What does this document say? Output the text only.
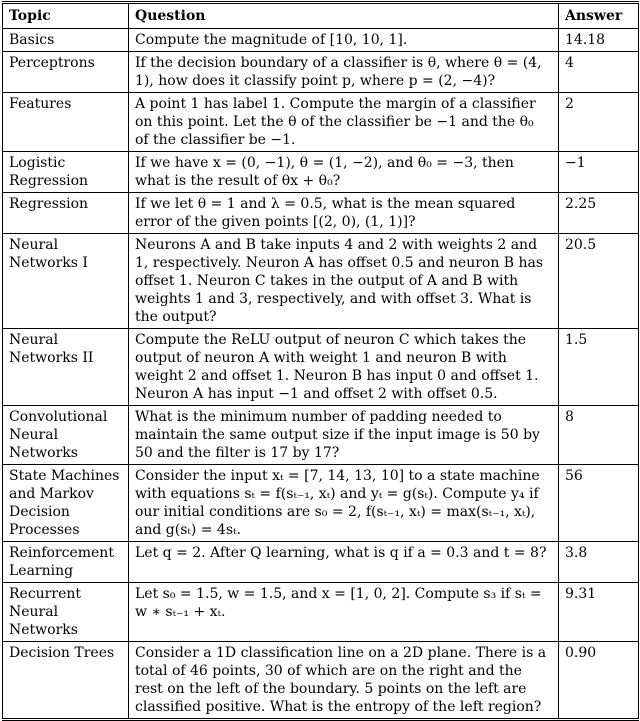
Topic	Question	Answer
Basics	Compute the magnitude of [10, 10, 1].	14.18
Perceptrons	If the decision boundary of a classifier is θ, where θ = (4, 1), how does it classify point p, where p = (2, −4)?	4
Features	A point 1 has label 1. Compute the margin of a classifier on this point. Let the θ of the classifier be −1 and the θ₀ of the classifier be −1.	2
Logistic Regression	If we have x = (0, −1), θ = (1, −2), and θ₀ = −3, then what is the result of θx + θ₀?	−1
Regression	If we let θ = 1 and λ = 0.5, what is the mean squared error of the given points [(2, 0), (1, 1)]?	2.25
Neural Networks I	Neurons A and B take inputs 4 and 2 with weights 2 and 1, respectively. Neuron A has offset 0.5 and neuron B has offset 1. Neuron C takes in the output of A and B with weights 1 and 3, respectively, and with offset 3. What is the output?	20.5
Neural Networks II	Compute the ReLU output of neuron C which takes the output of neuron A with weight 1 and neuron B with weight 2 and offset 1. Neuron B has input 0 and offset 1. Neuron A has input −1 and offset 2 with offset 0.5.	1.5
Convolutional Neural Networks	What is the minimum number of padding needed to maintain the same output size if the input image is 50 by 50 and the filter is 17 by 17?	8
State Machines and Markov Decision Processes	Consider the input xₜ = [7, 14, 13, 10] to a state machine with equations sₜ = f(sₜ₋₁, xₜ) and yₜ = g(sₜ). Compute y₄ if our initial conditions are s₀ = 2, f(sₜ₋₁, xₜ) = max(sₜ₋₁, xₜ), and g(sₜ) = 4sₜ.	56
Reinforcement Learning	Let q = 2. After Q learning, what is q if a = 0.3 and t = 8?	3.8
Recurrent Neural Networks	Let s₀ = 1.5, w = 1.5, and x = [1, 0, 2]. Compute s₃ if sₜ = w ∗ sₜ₋₁ + xₜ.	9.31
Decision Trees	Consider a 1D classification line on a 2D plane. There is a total of 46 points, 30 of which are on the right and the rest on the left of the boundary. 5 points on the left are classified positive. What is the entropy of the left region?	0.90
